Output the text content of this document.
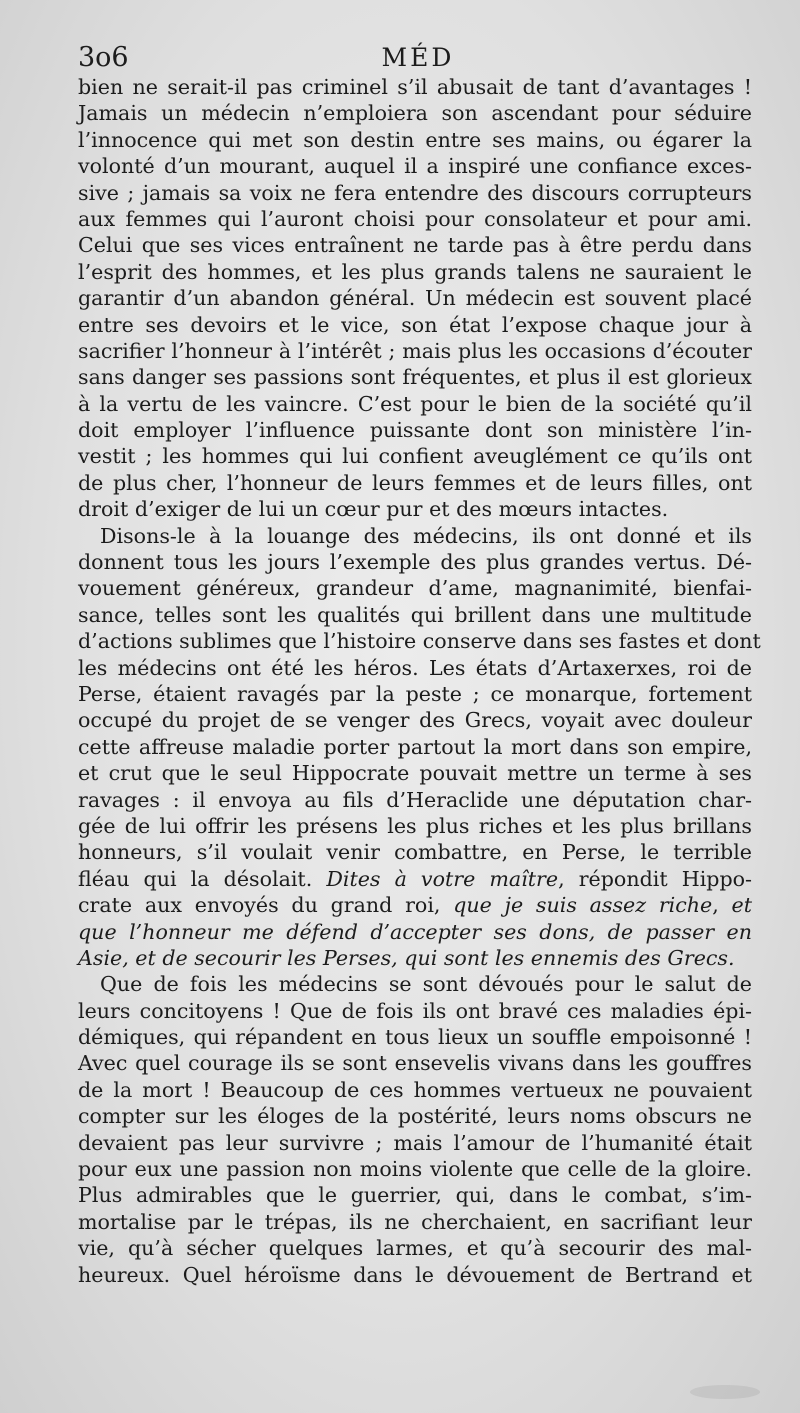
3o6	MÉD
bien ne serait-il pas criminel s’il abusait de tant d’avantages !
Jamais un médecin n’emploiera son ascendant pour séduire
l’innocence qui met son destin entre ses mains, ou égarer la
volonté d’un mourant, auquel il a inspiré une confiance exces-
sive ; jamais sa voix ne fera entendre des discours corrupteurs
aux femmes qui l’auront choisi pour consolateur et pour ami.
Celui que ses vices entraînent ne tarde pas à être perdu dans
l’esprit des hommes, et les plus grands talens ne sauraient le
garantir d’un abandon général. Un médecin est souvent placé
entre ses devoirs et le vice, son état l’expose chaque jour à
sacrifier l’honneur à l’intérêt ; mais plus les occasions d’écouter
sans danger ses passions sont fréquentes, et plus il est glorieux
à la vertu de les vaincre. C’est pour le bien de la société qu’il
doit employer l’influence puissante dont son ministère l’in-
vestit ; les hommes qui lui confient aveuglément ce qu’ils ont
de plus cher, l’honneur de leurs femmes et de leurs filles, ont
droit d’exiger de lui un cœur pur et des mœurs intactes.
Disons-le à la louange des médecins, ils ont donné et ils
donnent tous les jours l’exemple des plus grandes vertus. Dé-
vouement généreux, grandeur d’ame, magnanimité, bienfai-
sance, telles sont les qualités qui brillent dans une multitude
d’actions sublimes que l’histoire conserve dans ses fastes et dont
les médecins ont été les héros. Les états d’Artaxerxes, roi de
Perse, étaient ravagés par la peste ; ce monarque, fortement
occupé du projet de se venger des Grecs, voyait avec douleur
cette affreuse maladie porter partout la mort dans son empire,
et crut que le seul Hippocrate pouvait mettre un terme à ses
ravages : il envoya au fils d’Heraclide une députation char-
gée de lui offrir les présens les plus riches et les plus brillans
honneurs, s’il voulait venir combattre, en Perse, le terrible
fléau qui la désolait. Dites à votre maître, répondit Hippo-
crate aux envoyés du grand roi, que je suis assez riche, et
que l’honneur me défend d’accepter ses dons, de passer en
Asie, et de secourir les Perses, qui sont les ennemis des Grecs.
Que de fois les médecins se sont dévoués pour le salut de
leurs concitoyens ! Que de fois ils ont bravé ces maladies épi-
démiques, qui répandent en tous lieux un souffle empoisonné !
Avec quel courage ils se sont ensevelis vivans dans les gouffres
de la mort ! Beaucoup de ces hommes vertueux ne pouvaient
compter sur les éloges de la postérité, leurs noms obscurs ne
devaient pas leur survivre ; mais l’amour de l’humanité était
pour eux une passion non moins violente que celle de la gloire.
Plus admirables que le guerrier, qui, dans le combat, s’im-
mortalise par le trépas, ils ne cherchaient, en sacrifiant leur
vie, qu’à sécher quelques larmes, et qu’à secourir des mal-
heureux. Quel héroïsme dans le dévouement de Bertrand et
